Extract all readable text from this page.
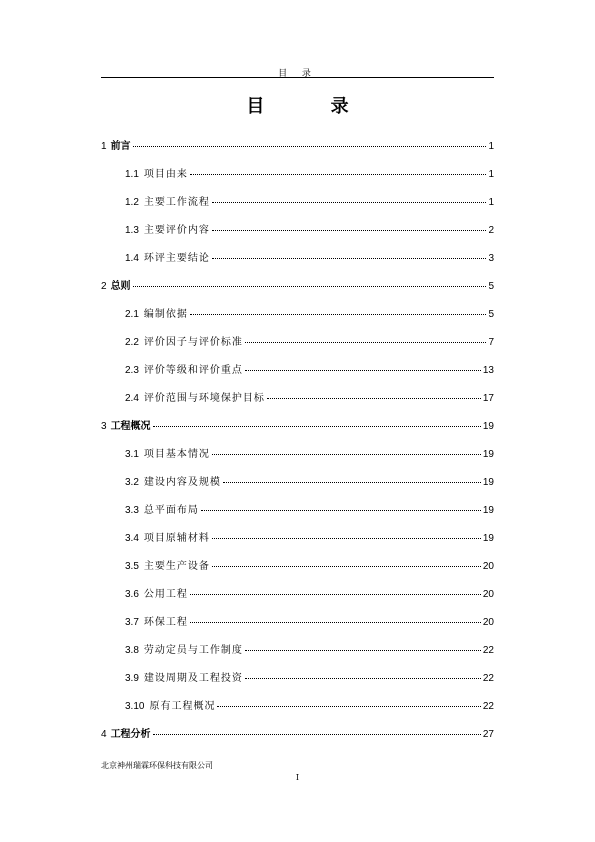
目 录
目 录
1 前言	1
1.1 项目由来	1
1.2 主要工作流程	1
1.3 主要评价内容	2
1.4 环评主要结论	3
2 总则	5
2.1 编制依据	5
2.2 评价因子与评价标准	7
2.3 评价等级和评价重点	13
2.4 评价范围与环境保护目标	17
3 工程概况	19
3.1 项目基本情况	19
3.2 建设内容及规模	19
3.3 总平面布局	19
3.4 项目原辅材料	19
3.5 主要生产设备	20
3.6 公用工程	20
3.7 环保工程	20
3.8 劳动定员与工作制度	22
3.9 建设周期及工程投资	22
3.10 原有工程概况	22
4 工程分析	27
北京神州瑞霖环保科技有限公司
I
